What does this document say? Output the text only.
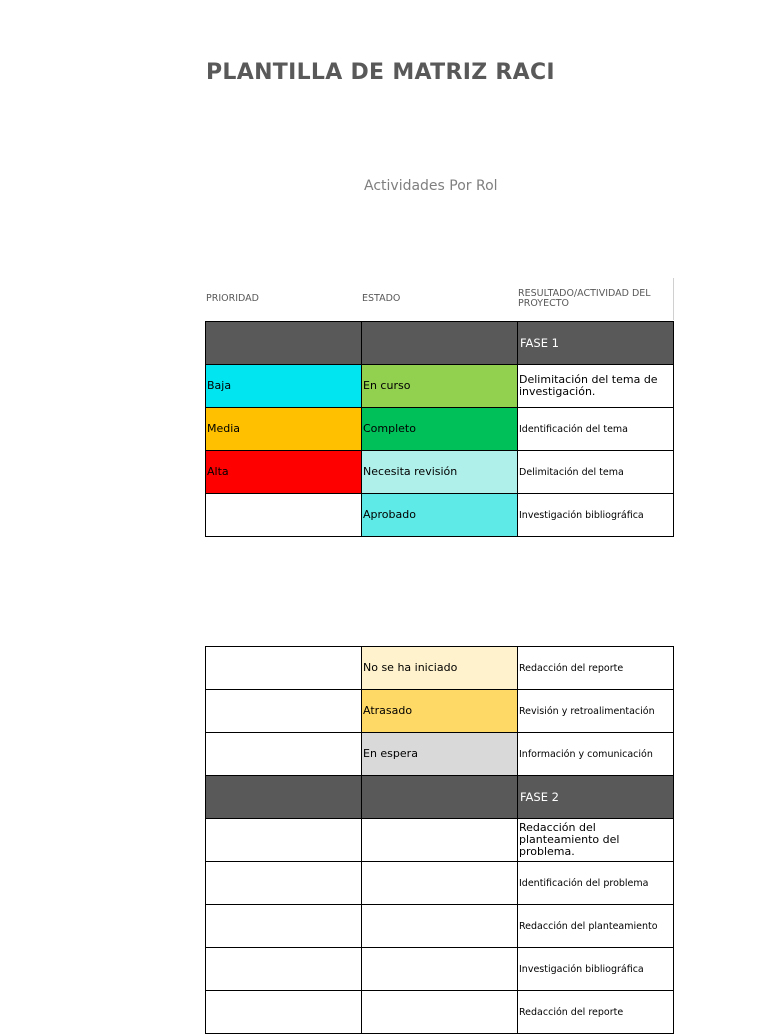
PLANTILLA DE MATRIZ RACI
Actividades Por Rol
PRIORIDAD	ESTADO	RESULTADO/ACTIVIDAD DEL PROYECTO
		FASE 1
Baja	En curso	Delimitación del tema de investigación.
Media	Completo	Identificación del tema
Alta	Necesita revisión	Delimitación del tema
	Aprobado	Investigación bibliográfica
	No se ha iniciado	Redacción del reporte
	Atrasado	Revisión y retroalimentación
	En espera	Información y comunicación
		FASE 2
		Redacción del planteamiento del problema.
		Identificación del problema
		Redacción del planteamiento
		Investigación bibliográfica
		Redacción del reporte
